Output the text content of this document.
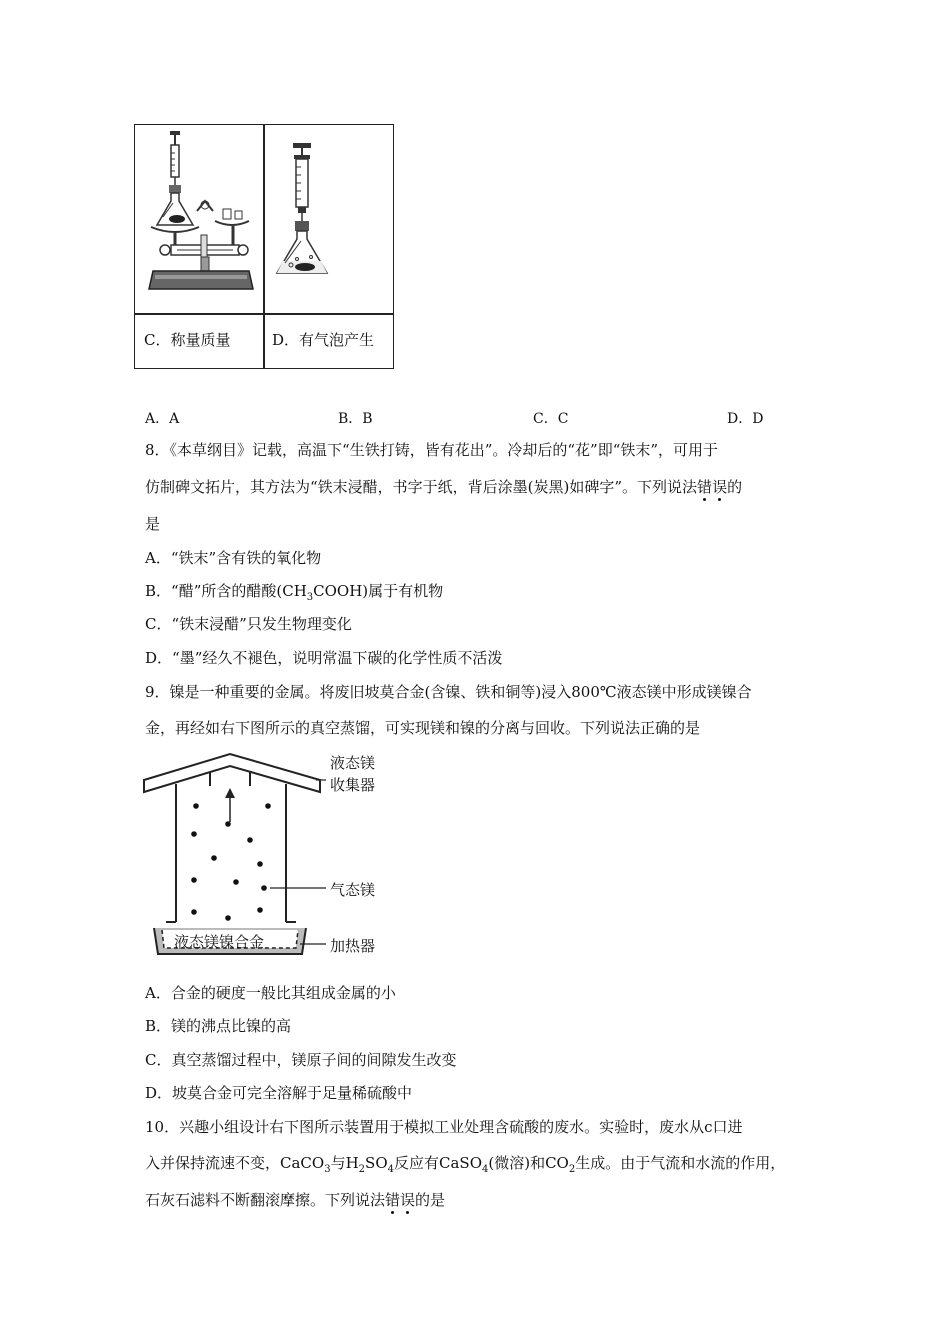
C．称量质量	D．有气泡产生
A．A	B．B	C．C	D．D
8．《本草纲目》记载，高温下“生铁打铸，皆有花出”。冷却后的“花”即“铁末”，可用于
仿制碑文拓片，其方法为“铁末浸醋，书字于纸，背后涂墨(炭黑)如碑字”。下列说法错误的
是
A．“铁末”含有铁的氧化物
B．“醋”所含的醋酸$(CH_3COOH)$属于有机物
C．“铁末浸醋”只发生物理变化
D．“墨”经久不褪色，说明常温下碳的化学性质不活泼
9．镍是一种重要的金属。将废旧坡莫合金(含镍、铁和铜等)浸入800℃液态镁中形成镁镍合
金，再经如右下图所示的真空蒸馏，可实现镁和镍的分离与回收。下列说法正确的是
液态镁镍合金
液态镁
收集器
气态镁
加热器
A．合金的硬度一般比其组成金属的小
B．镁的沸点比镍的高
C．真空蒸馏过程中，镁原子间的间隙发生改变
D．坡莫合金可完全溶解于足量稀硫酸中
10．兴趣小组设计右下图所示装置用于模拟工业处理含硫酸的废水。实验时，废水从c口进
入并保持流速不变，CaCO$_3$与$H_2SO_4$反应有CaSO$_4$(微溶)和$CO_2$生成。由于气流和水流的作用，
石灰石滤料不断翻滚摩擦。下列说法错误的是
